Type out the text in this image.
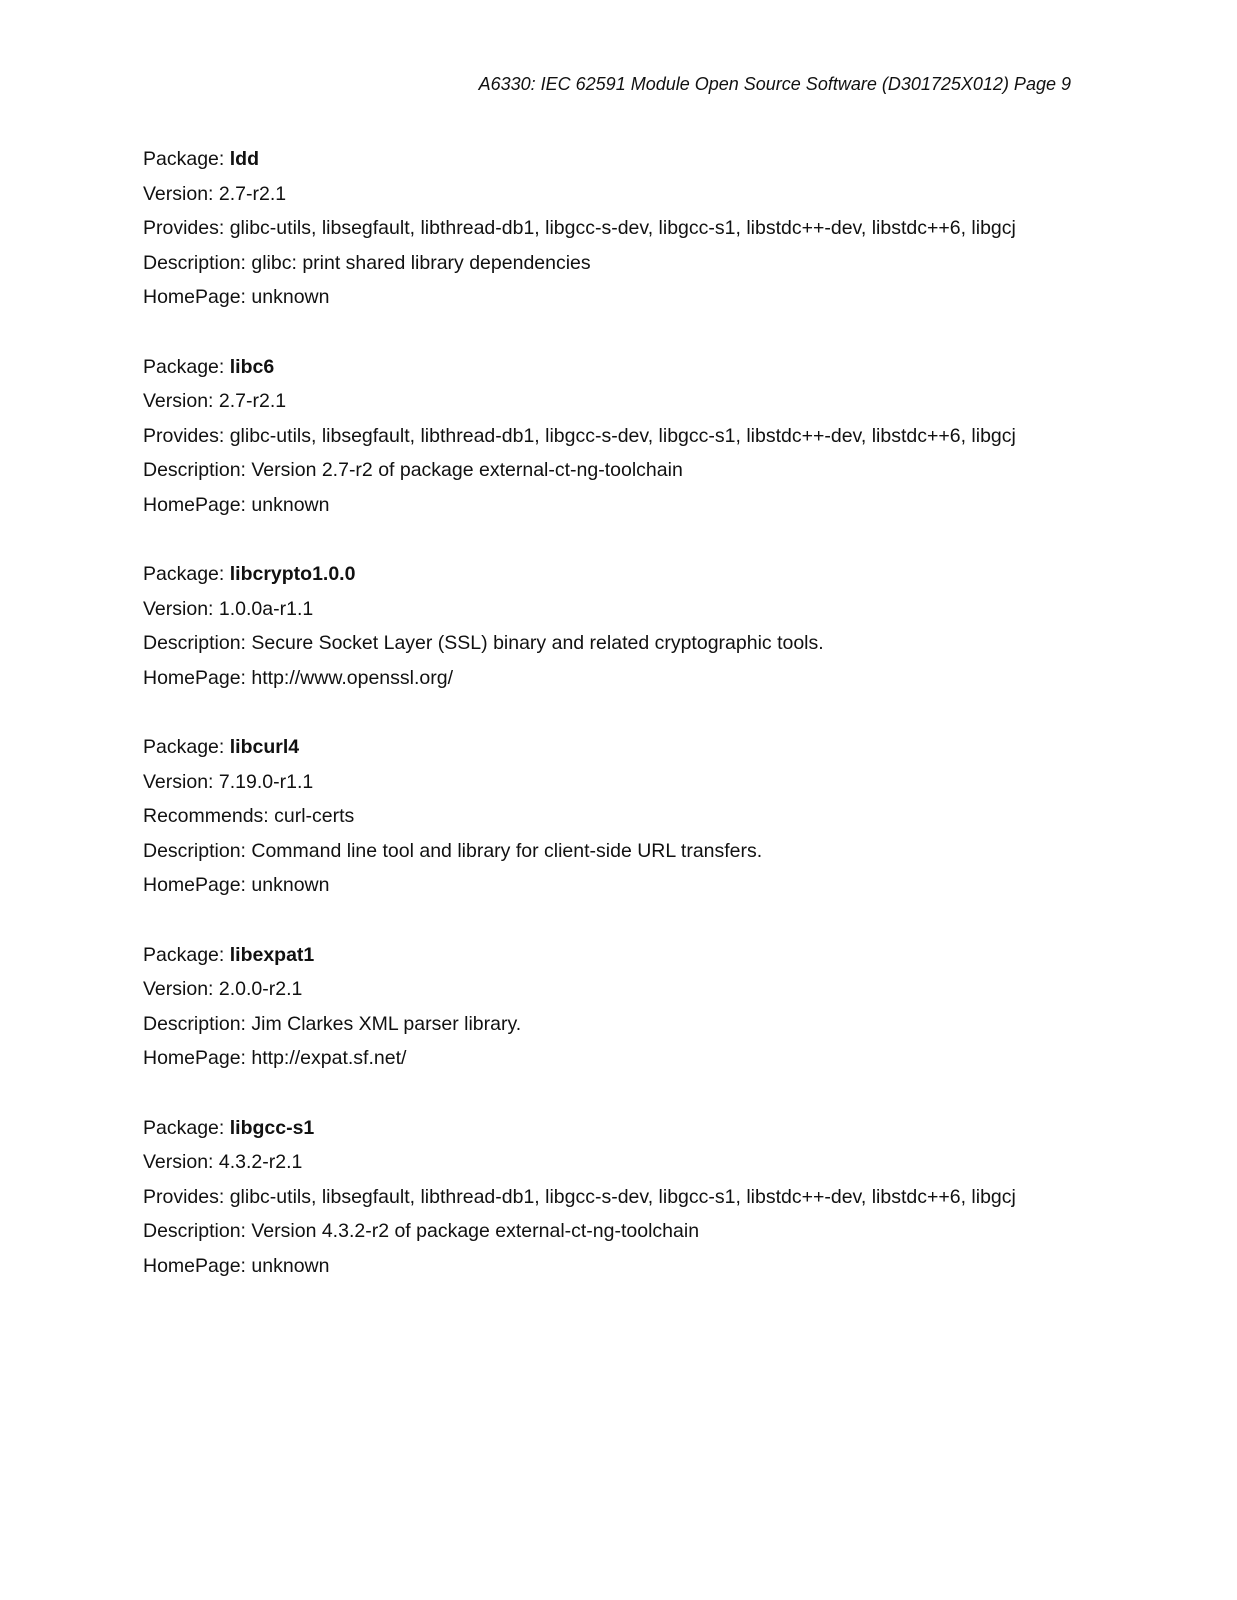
A6330: IEC 62591 Module Open Source Software (D301725X012) Page 9
Package: ldd
Version: 2.7-r2.1
Provides: glibc-utils, libsegfault, libthread-db1, libgcc-s-dev, libgcc-s1, libstdc++-dev, libstdc++6, libgcj
Description: glibc: print shared library dependencies
HomePage: unknown
Package: libc6
Version: 2.7-r2.1
Provides: glibc-utils, libsegfault, libthread-db1, libgcc-s-dev, libgcc-s1, libstdc++-dev, libstdc++6, libgcj
Description: Version 2.7-r2 of package external-ct-ng-toolchain
HomePage: unknown
Package: libcrypto1.0.0
Version: 1.0.0a-r1.1
Description: Secure Socket Layer (SSL) binary and related cryptographic tools.
HomePage: http://www.openssl.org/
Package: libcurl4
Version: 7.19.0-r1.1
Recommends: curl-certs
Description: Command line tool and library for client-side URL transfers.
HomePage: unknown
Package: libexpat1
Version: 2.0.0-r2.1
Description: Jim Clarkes XML parser library.
HomePage: http://expat.sf.net/
Package: libgcc-s1
Version: 4.3.2-r2.1
Provides: glibc-utils, libsegfault, libthread-db1, libgcc-s-dev, libgcc-s1, libstdc++-dev, libstdc++6, libgcj
Description: Version 4.3.2-r2 of package external-ct-ng-toolchain
HomePage: unknown
